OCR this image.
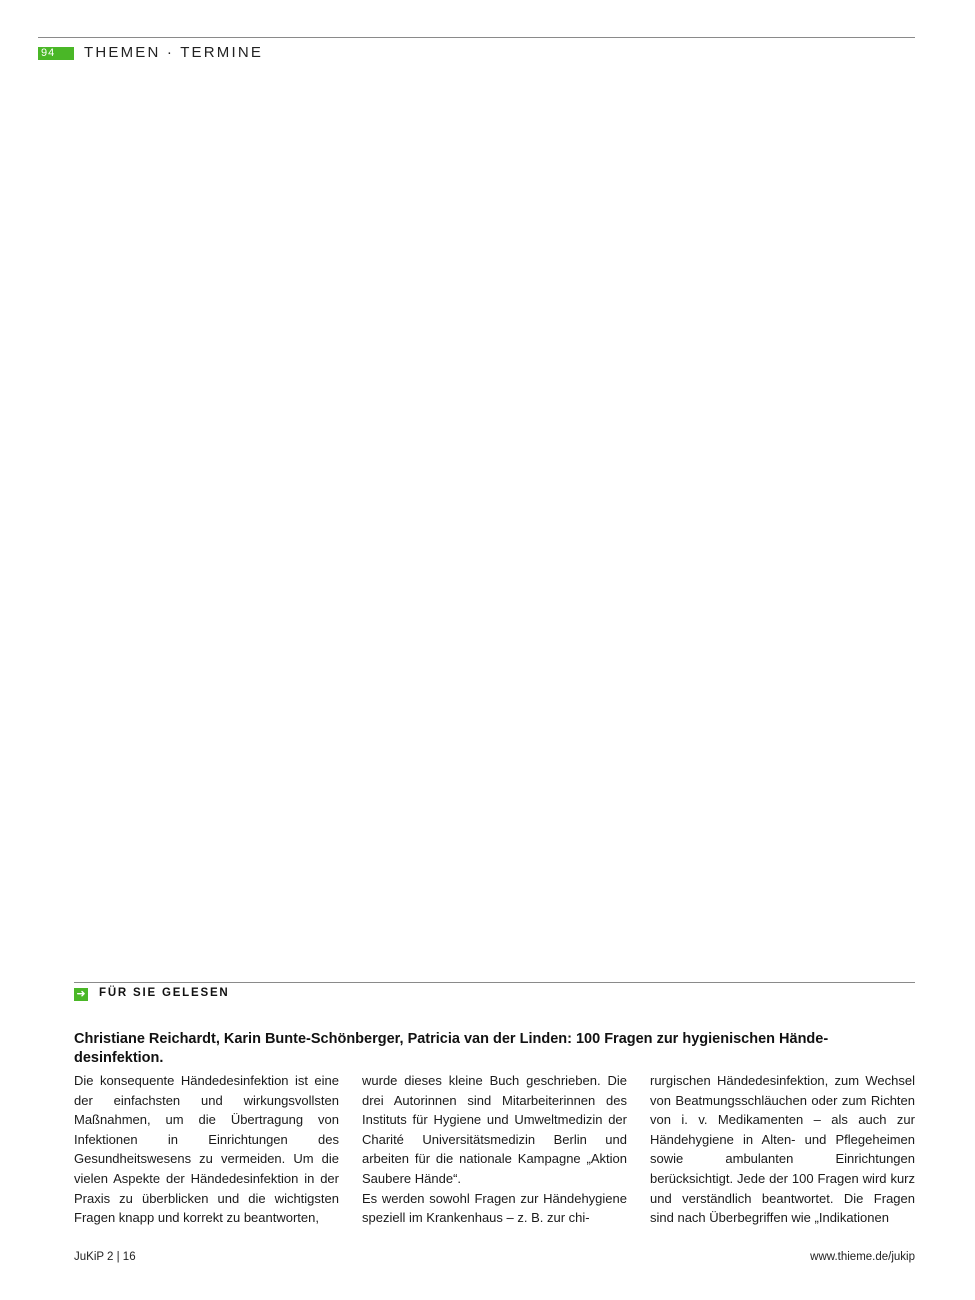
94	THEMEN · TERMINE
➜ FÜR SIE GELESEN
Christiane Reichardt, Karin Bunte-Schönberger, Patricia van der Linden: 100 Fragen zur hygienischen Hände-
desinfektion.

Die konsequente Händedesinfektion ist eine der einfachsten und wirkungsvollsten Maßnahmen, um die Übertragung von Infektionen in Einrichtungen des Gesundheitswesens zu vermeiden. Um die vielen Aspekte der Händedesinfektion in der Praxis zu überblicken und die wichtigsten Fragen knapp und korrekt zu beantworten,

wurde dieses kleine Buch geschrieben. Die drei Autorinnen sind Mitarbeiterinnen des Instituts für Hygiene und Umweltmedizin der Charité Universitätsmedizin Berlin und arbeiten für die nationale Kampagne „Aktion Saubere Hände“.

Es werden sowohl Fragen zur Händehygiene speziell im Krankenhaus – z. B. zur chi-

rurgischen Händedesinfektion, zum Wechsel von Beatmungsschläuchen oder zum Richten von i. v. Medikamenten – als auch zur Händehygiene in Alten- und Pflegeheimen sowie ambulanten Einrichtungen berücksichtigt. Jede der 100 Fragen wird kurz und verständlich beantwortet. Die Fragen sind nach Überbegriffen wie „Indikationen

JuKiP 2 | 16	www.thieme.de/jukip
